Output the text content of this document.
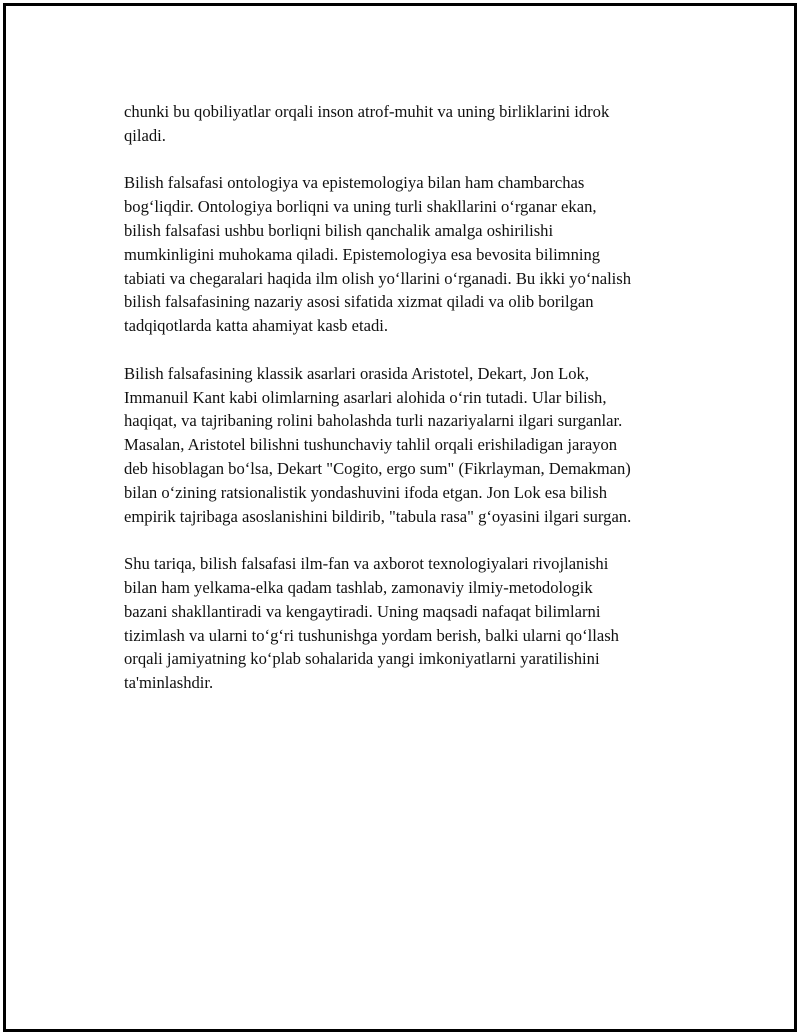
chunki bu qobiliyatlar orqali inson atrof-muhit va uning birliklarini idrok
qiladi.

Bilish falsafasi ontologiya va epistemologiya bilan ham chambarchas
bog‘liqdir. Ontologiya borliqni va uning turli shakllarini o‘rganar ekan,
bilish falsafasi ushbu borliqni bilish qanchalik amalga oshirilishi
mumkinligini muhokama qiladi. Epistemologiya esa bevosita bilimning
tabiati va chegaralari haqida ilm olish yo‘llarini o‘rganadi. Bu ikki yo‘nalish
bilish falsafasining nazariy asosi sifatida xizmat qiladi va olib borilgan
tadqiqotlarda katta ahamiyat kasb etadi.

Bilish falsafasining klassik asarlari orasida Aristotel, Dekart, Jon Lok,
Immanuil Kant kabi olimlarning asarlari alohida o‘rin tutadi. Ular bilish,
haqiqat, va tajribaning rolini baholashda turli nazariyalarni ilgari surganlar.
Masalan, Aristotel bilishni tushunchaviy tahlil orqali erishiladigan jarayon
deb hisoblagan bo‘lsa, Dekart "Cogito, ergo sum" (Fikrlayman, Demakman)
bilan o‘zining ratsionalistik yondashuvini ifoda etgan. Jon Lok esa bilish
empirik tajribaga asoslanishini bildirib, "tabula rasa" g‘oyasini ilgari surgan.

Shu tariqa, bilish falsafasi ilm-fan va axborot texnologiyalari rivojlanishi
bilan ham yelkama-elka qadam tashlab, zamonaviy ilmiy-metodologik
bazani shakllantiradi va kengaytiradi. Uning maqsadi nafaqat bilimlarni
tizimlash va ularni to‘g‘ri tushunishga yordam berish, balki ularni qo‘llash
orqali jamiyatning ko‘plab sohalarida yangi imkoniyatlarni yaratilishini
ta'minlashdir.
